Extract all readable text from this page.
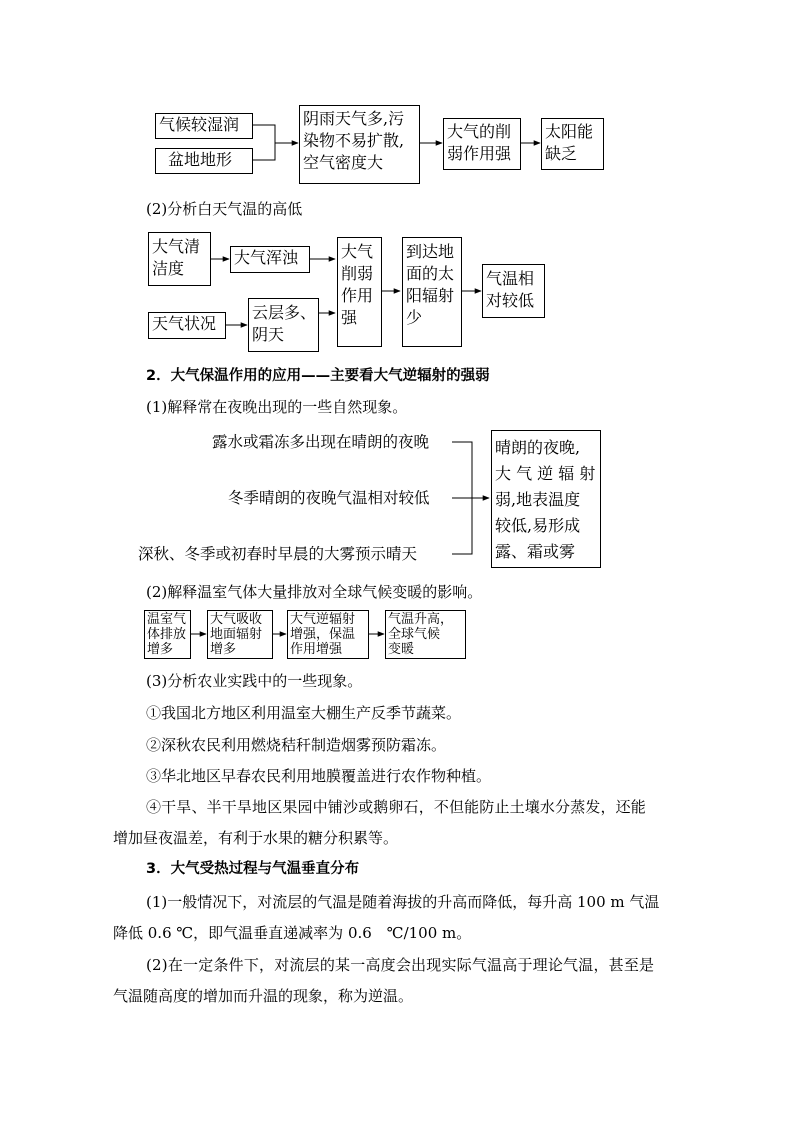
气候较湿润
盆地地形
阴雨天气多,污
染物不易扩散,
空气密度大
大气的削
弱作用强
太阳能
缺乏
(2)分析白天气温的高低
大气清
洁度
大气浑浊	大气
削弱
作用
强
到达地
面的太
阳辐射
少
气温相
对较低
天气状况
云层多、
阴天
2．大气保温作用的应用——主要看大气逆辐射的强弱
(1)解释常在夜晚出现的一些自然现象。
露水或霜冻多出现在晴朗的夜晚
冬季晴朗的夜晚气温相对较低
深秋、冬季或初春时早晨的大雾预示晴天
晴朗的夜晚,
大 气 逆 辐 射
弱,地表温度
较低,易形成
露、霜或雾
(2)解释温室气体大量排放对全球气候变暖的影响。
温室气
体排放
增多
大气吸收
地面辐射
增多
大气逆辐射
增强，保温
作用增强
气温升高，
全球气候
变暖
(3)分析农业实践中的一些现象。
①我国北方地区利用温室大棚生产反季节蔬菜。
②深秋农民利用燃烧秸秆制造烟雾预防霜冻。
③华北地区早春农民利用地膜覆盖进行农作物种植。
④干旱、半干旱地区果园中铺沙或鹅卵石，不但能防止土壤水分蒸发，还能
增加昼夜温差，有利于水果的糖分积累等。
3．大气受热过程与气温垂直分布
(1)一般情况下，对流层的气温是随着海拔的升高而降低，每升高 100 m 气温
降低 0.6 ℃，即气温垂直递减率为 0.6　℃/100 m。
(2)在一定条件下，对流层的某一高度会出现实际气温高于理论气温，甚至是
气温随高度的增加而升温的现象，称为逆温。
